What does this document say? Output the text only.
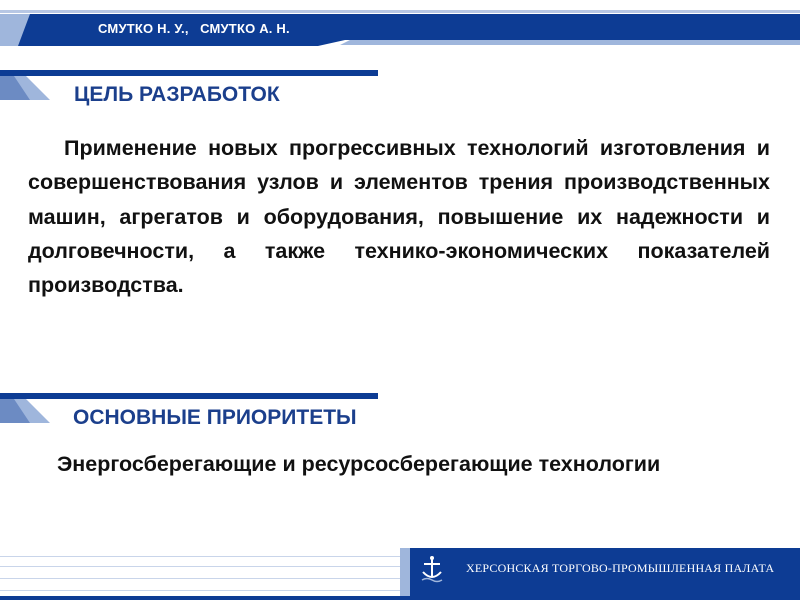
СМУТКО Н. У.,   СМУТКО А. Н.
ЦЕЛЬ РАЗРАБОТОК

Применение новых прогрессивных технологий изготовления и совершенствования узлов и элементов трения производственных машин, агрегатов и оборудования, повышение их надежности и долговечности, а также технико-экономических показателей производства.

ОСНОВНЫЕ ПРИОРИТЕТЫ
Энергосберегающие и ресурсосберегающие технологии
ХЕРСОНСКАЯ ТОРГОВО-ПРОМЫШЛЕННАЯ ПАЛАТА
